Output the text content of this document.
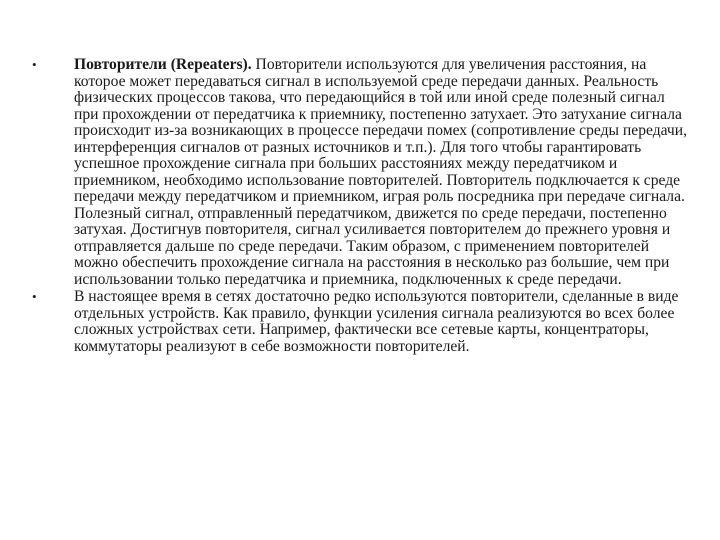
•	Повторители (Repeaters). Повторители используются для увеличения расстояния, на которое может передаваться сигнал в используемой среде передачи данных. Реальность физических процессов такова, что передающийся в той или иной среде полезный сигнал при прохождении от передатчика к приемнику, постепенно затухает. Это затухание сигнала происходит из-за возникающих в процессе передачи помех (сопротивление среды передачи, интерференция сигналов от разных источников и т.п.). Для того чтобы гарантировать успешное прохождение сигнала при больших расстояниях между передатчиком и приемником, необходимо использование повторителей. Повторитель подключается к среде передачи между передатчиком и приемником, играя роль посредника при передаче сигнала. Полезный сигнал, отправленный передатчиком, движется по среде передачи, постепенно затухая. Достигнув повторителя, сигнал усиливается повторителем до прежнего уровня и отправляется дальше по среде передачи. Таким образом, с применением повторителей можно обеспечить прохождение сигнала на расстояния в несколько раз большие, чем при использовании только передатчика и приемника, подключенных к среде передачи.
•	В настоящее время в сетях достаточно редко используются повторители, сделанные в виде отдельных устройств. Как правило, функции усиления сигнала реализуются во всех более сложных устройствах сети. Например, фактически все сетевые карты, концентраторы, коммутаторы реализуют в себе возможности повторителей.
